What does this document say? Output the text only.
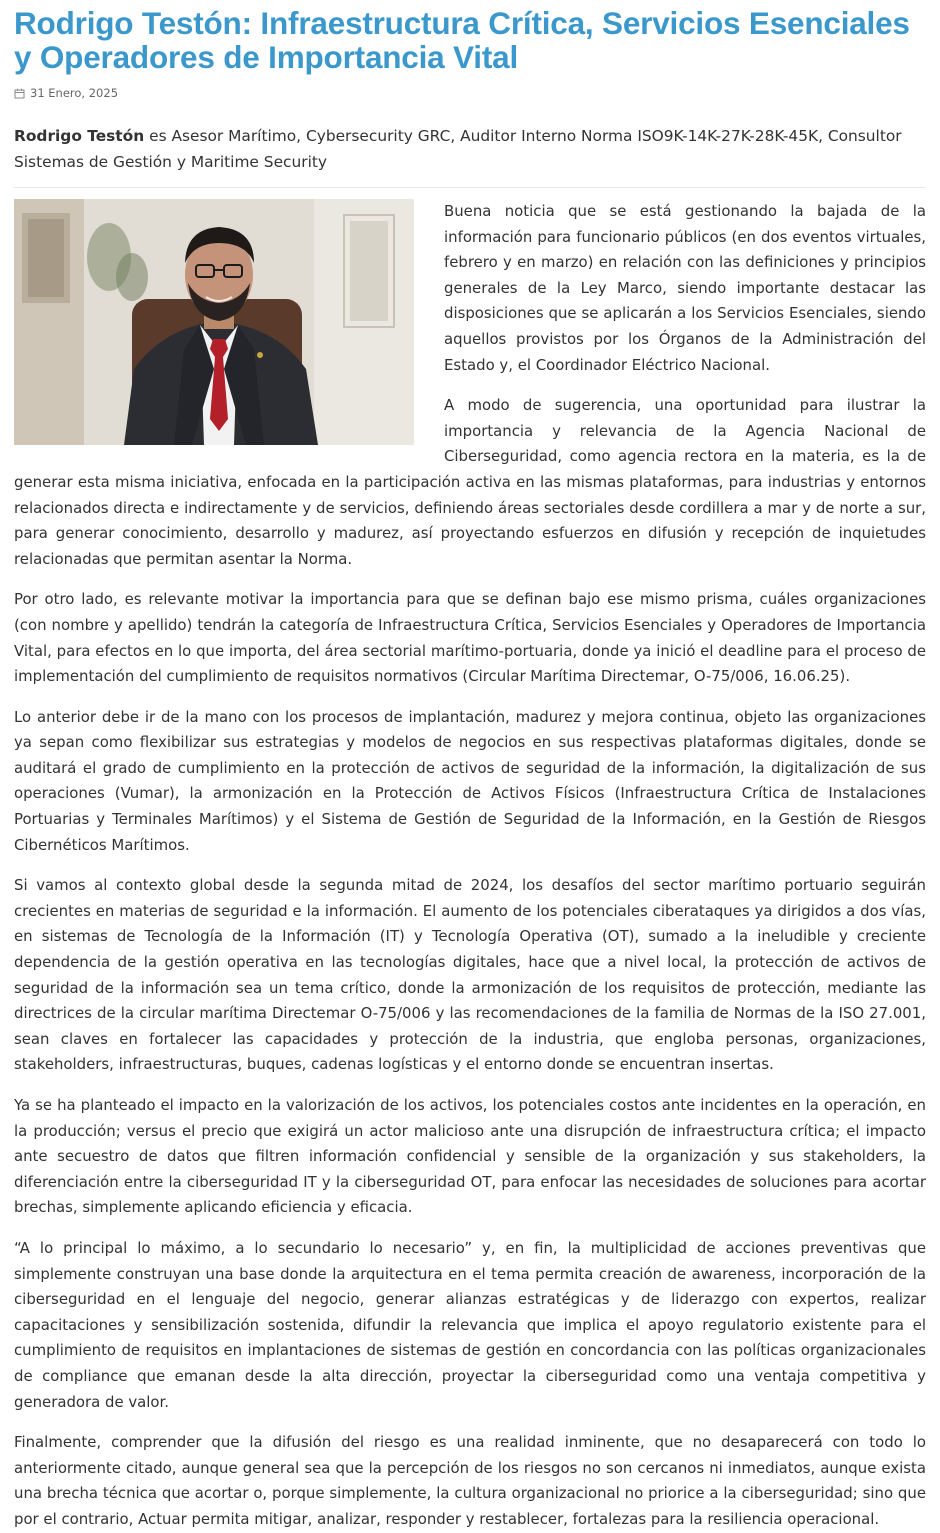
Rodrigo Testón: Infraestructura Crítica, Servicios Esenciales y Operadores de Importancia Vital
31 Enero, 2025
Rodrigo Testón es Asesor Marítimo, Cybersecurity GRC, Auditor Interno Norma ISO9K-14K-27K-28K-45K, Consultor Sistemas de Gestión y Maritime Security

Buena noticia que se está gestionando la bajada de la información para funcionario públicos (en dos eventos virtuales, febrero y en marzo) en relación con las definiciones y principios generales de la Ley Marco, siendo importante destacar las disposiciones que se aplicarán a los Servicios Esenciales, siendo aquellos provistos por los Órganos de la Administración del Estado y, el Coordinador Eléctrico Nacional.

A modo de sugerencia, una oportunidad para ilustrar la importancia y relevancia de la Agencia Nacional de Ciberseguridad, como agencia rectora en la materia, es la de generar esta misma iniciativa, enfocada en la participación activa en las mismas plataformas, para industrias y entornos relacionados directa e indirectamente y de servicios, definiendo áreas sectoriales desde cordillera a mar y de norte a sur, para generar conocimiento, desarrollo y madurez, así proyectando esfuerzos en difusión y recepción de inquietudes relacionadas que permitan asentar la Norma.

Por otro lado, es relevante motivar la importancia para que se definan bajo ese mismo prisma, cuáles organizaciones (con nombre y apellido) tendrán la categoría de Infraestructura Crítica, Servicios Esenciales y Operadores de Importancia Vital, para efectos en lo que importa, del área sectorial marítimo-portuaria, donde ya inició el deadline para el proceso de implementación del cumplimiento de requisitos normativos (Circular Marítima Directemar, O-75/006, 16.06.25).

Lo anterior debe ir de la mano con los procesos de implantación, madurez y mejora continua, objeto las organizaciones ya sepan como flexibilizar sus estrategias y modelos de negocios en sus respectivas plataformas digitales, donde se auditará el grado de cumplimiento en la protección de activos de seguridad de la información, la digitalización de sus operaciones (Vumar), la armonización en la Protección de Activos Físicos (Infraestructura Crítica de Instalaciones Portuarias y Terminales Marítimos) y el Sistema de Gestión de Seguridad de la Información, en la Gestión de Riesgos Cibernéticos Marítimos.

Si vamos al contexto global desde la segunda mitad de 2024, los desafíos del sector marítimo portuario seguirán crecientes en materias de seguridad e la información. El aumento de los potenciales ciberataques ya dirigidos a dos vías, en sistemas de Tecnología de la Información (IT) y Tecnología Operativa (OT), sumado a la ineludible y creciente dependencia de la gestión operativa en las tecnologías digitales, hace que a nivel local, la protección de activos de seguridad de la información sea un tema crítico, donde la armonización de los requisitos de protección, mediante las directrices de la circular marítima Directemar O-75/006 y las recomendaciones de la familia de Normas de la ISO 27.001, sean claves en fortalecer las capacidades y protección de la industria, que engloba personas, organizaciones, stakeholders, infraestructuras, buques, cadenas logísticas y el entorno donde se encuentran insertas.

Ya se ha planteado el impacto en la valorización de los activos, los potenciales costos ante incidentes en la operación, en la producción; versus el precio que exigirá un actor malicioso ante una disrupción de infraestructura crítica; el impacto ante secuestro de datos que filtren información confidencial y sensible de la organización y sus stakeholders, la diferenciación entre la ciberseguridad IT y la ciberseguridad OT, para enfocar las necesidades de soluciones para acortar brechas, simplemente aplicando eficiencia y eficacia.

“A lo principal lo máximo, a lo secundario lo necesario” y, en fin, la multiplicidad de acciones preventivas que simplemente construyan una base donde la arquitectura en el tema permita creación de awareness, incorporación de la ciberseguridad en el lenguaje del negocio, generar alianzas estratégicas y de liderazgo con expertos, realizar capacitaciones y sensibilización sostenida, difundir la relevancia que implica el apoyo regulatorio existente para el cumplimiento de requisitos en implantaciones de sistemas de gestión en concordancia con las políticas organizacionales de compliance que emanan desde la alta dirección, proyectar la ciberseguridad como una ventaja competitiva y generadora de valor.

Finalmente, comprender que la difusión del riesgo es una realidad inminente, que no desaparecerá con todo lo anteriormente citado, aunque general sea que la percepción de los riesgos no son cercanos ni inmediatos, aunque exista una brecha técnica que acortar o, porque simplemente, la cultura organizacional no priorice a la ciberseguridad; sino que por el contrario, Actuar permita mitigar, analizar, responder y restablecer, fortalezas para la resiliencia operacional.
